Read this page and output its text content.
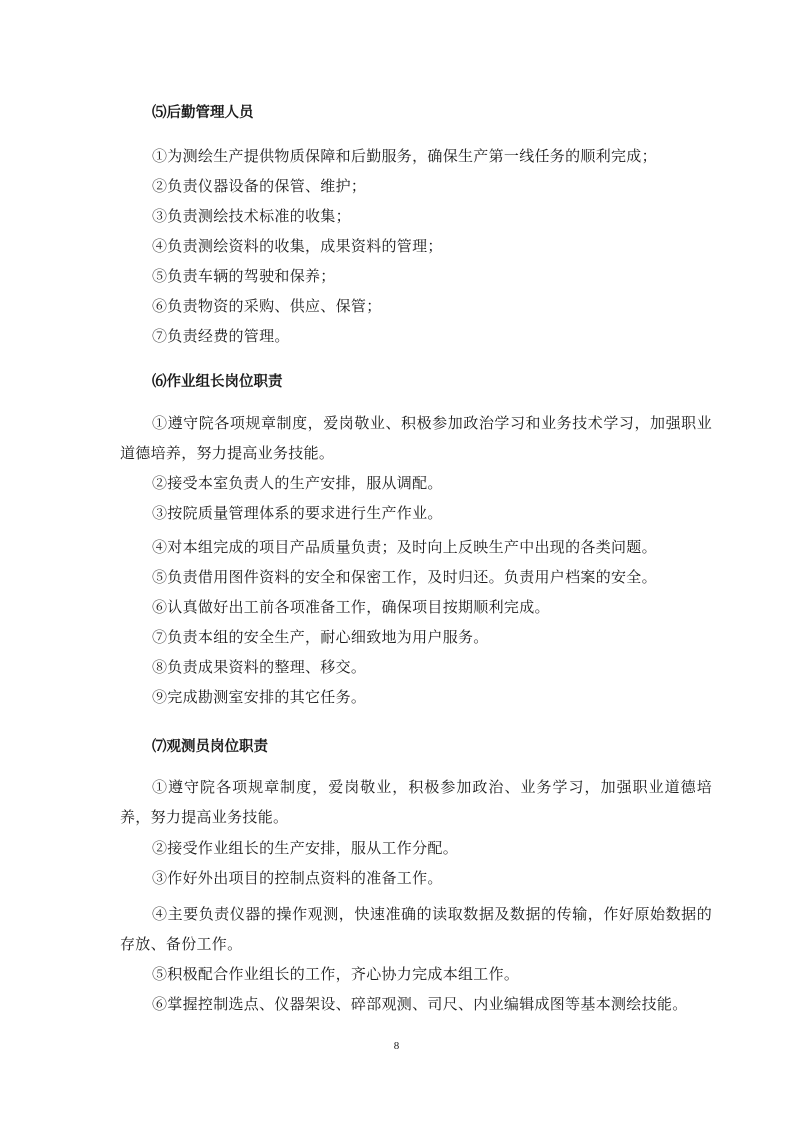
⑸后勤管理人员
①为测绘生产提供物质保障和后勤服务，确保生产第一线任务的顺利完成；
②负责仪器设备的保管、维护；
③负责测绘技术标准的收集；
④负责测绘资料的收集，成果资料的管理；
⑤负责车辆的驾驶和保养；
⑥负责物资的采购、供应、保管；
⑦负责经费的管理。
⑹作业组长岗位职责
①遵守院各项规章制度，爱岗敬业、积极参加政治学习和业务技术学习，加强职业道德培养，努力提高业务技能。
②接受本室负责人的生产安排，服从调配。
③按院质量管理体系的要求进行生产作业。
④对本组完成的项目产品质量负责；及时向上反映生产中出现的各类问题。
⑤负责借用图件资料的安全和保密工作，及时归还。负责用户档案的安全。
⑥认真做好出工前各项准备工作，确保项目按期顺利完成。
⑦负责本组的安全生产，耐心细致地为用户服务。
⑧负责成果资料的整理、移交。
⑨完成勘测室安排的其它任务。
⑺观测员岗位职责
①遵守院各项规章制度，爱岗敬业，积极参加政治、业务学习，加强职业道德培养，努力提高业务技能。
②接受作业组长的生产安排，服从工作分配。
③作好外出项目的控制点资料的准备工作。
④主要负责仪器的操作观测，快速准确的读取数据及数据的传输，作好原始数据的存放、备份工作。
⑤积极配合作业组长的工作，齐心协力完成本组工作。
⑥掌握控制选点、仪器架设、碎部观测、司尺、内业编辑成图等基本测绘技能。
8
